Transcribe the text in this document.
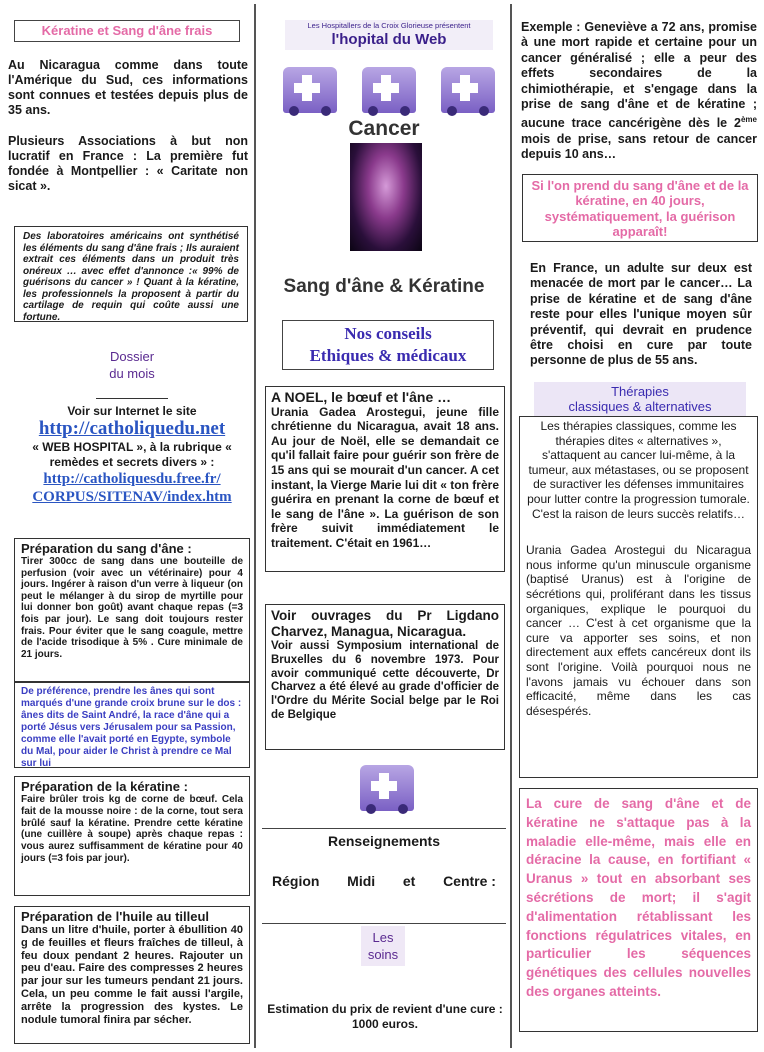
Kératine et Sang d'âne frais

Au Nicaragua comme dans toute l'Amérique du Sud, ces informations sont connues et testées depuis plus de 35 ans.

Plusieurs Associations à but non lucratif en France : La première fut fondée à Montpellier : « Caritate non sicat ».

Des laboratoires américains ont synthétisé les éléments du sang d'âne frais ; Ils auraient extrait ces éléments dans un produit très onéreux … avec effet d'annonce :« 99% de guérisons du cancer » ! Quant à la kératine, les professionnels la proposent à partir du cartilage de requin qui coûte aussi une fortune.
Dossier
du mois
Voir sur Internet le site
http://catholiquedu.net
« WEB HOSPITAL », à la rubrique « remèdes et secrets divers » :
http://catholiquesdu.free.fr/
CORPUS/SITENAV/index.htm
Préparation du sang d'âne :
Tirer 300cc de sang dans une bouteille de perfusion (voir avec un vétérinaire) pour 4 jours. Ingérer à raison d'un verre à liqueur (on peut le mélanger à du sirop de myrtille pour lui donner bon goût) avant chaque repas (=3 fois par jour). Le sang doit toujours rester frais. Pour éviter que le sang coagule, mettre de l'acide trisodique à 5% . Cure minimale de 21 jours.
De préférence, prendre les ânes qui sont marqués d'une grande croix brune sur le dos : ânes dits de Saint André, la race d'âne qui a porté Jésus vers Jérusalem pour sa Passion, comme elle l'avait porté en Egypte, symbole du Mal, pour aider le Christ à prendre ce Mal sur lui
Préparation de la kératine :
Faire brûler trois kg de corne de bœuf. Cela fait de la mousse noire : de la corne, tout sera brûlé sauf la kératine. Prendre cette kératine (une cuillère à soupe) après chaque repas : vous aurez suffisamment de kératine pour 40 jours (=3 fois par jour).
Préparation de l'huile au tilleul
Dans un litre d'huile, porter à ébullition 40 g de feuilles et fleurs fraîches de tilleul, à feu doux pendant 2 heures. Rajouter un peu d'eau. Faire des compresses 2 heures par jour sur les tumeurs pendant 21 jours. Cela, un peu comme le fait aussi l'argile, arrête la progression des kystes. Le nodule tumoral finira par sécher.
Les Hospitallers de la Croix Glorieuse présentent
l'hopital du Web
Cancer
Sang d'âne & Kératine
Nos conseils
Ethiques & médicaux
A NOEL, le bœuf et l'âne …
Urania Gadea Arostegui, jeune fille chrétienne du Nicaragua, avait 18 ans. Au jour de Noël, elle se demandait ce qu'il fallait faire pour guérir son frère de 15 ans qui se mourait d'un cancer. A cet instant, la Vierge Marie lui dit « ton frère guérira en prenant la corne de bœuf et le sang de l'âne ». La guérison de son frère suivit immédiatement le traitement. C'était en 1961…
Voir ouvrages du Pr Ligdano Charvez, Managua, Nicaragua.
Voir aussi Symposium international de Bruxelles du 6 novembre 1973. Pour avoir communiqué cette découverte, Dr Charvez a été élevé au grade d'officier de l'Ordre du Mérite Social belge par le Roi de Belgique
Renseignements
Région Midi et Centre :
Les
soins
Estimation du prix de revient d'une cure : 1000 euros.

Exemple : Geneviève a 72 ans, promise à une mort rapide et certaine pour un cancer généralisé ; elle a peur des effets secondaires de la chimiothérapie, et s'engage dans la prise de sang d'âne et de kératine ; aucune trace cancérigène dès le 2ème mois de prise, sans retour de cancer depuis 10 ans…

Si l'on prend du sang d'âne et de la kératine, en 40 jours, systématiquement, la guérison apparaît!

En France, un adulte sur deux est menacée de mort par le cancer… La prise de kératine et de sang d'âne reste pour elles l'unique moyen sûr préventif, qui devrait en prudence être choisi en cure par toute personne de plus de 55 ans.

Thérapies
classiques & alternatives

Les thérapies classiques, comme les thérapies dites « alternatives », s'attaquent au cancer lui-même, à la tumeur, aux métastases, ou se proposent de suractiver les défenses immunitaires pour lutter contre la progression tumorale. C'est la raison de leurs succès relatifs…

Urania Gadea Arostegui du Nicaragua nous informe qu'un minuscule organisme (baptisé Uranus) est à l'origine de sécrétions qui, proliférant dans les tissus organiques, explique le pourquoi du cancer … C'est à cet organisme que la cure va apporter ses soins, et non directement aux effets cancéreux dont ils sont l'origine. Voilà pourquoi nous ne l'avons jamais vu échouer dans son efficacité, même dans les cas désespérés.

La cure de sang d'âne et de kératine ne s'attaque pas à la maladie elle-même, mais elle en déracine la cause, en fortifiant « Uranus » tout en absorbant ses sécrétions de mort; il s'agit d'alimentation rétablissant les fonctions régulatrices vitales, en particulier les séquences génétiques des cellules nouvelles des organes atteints.
